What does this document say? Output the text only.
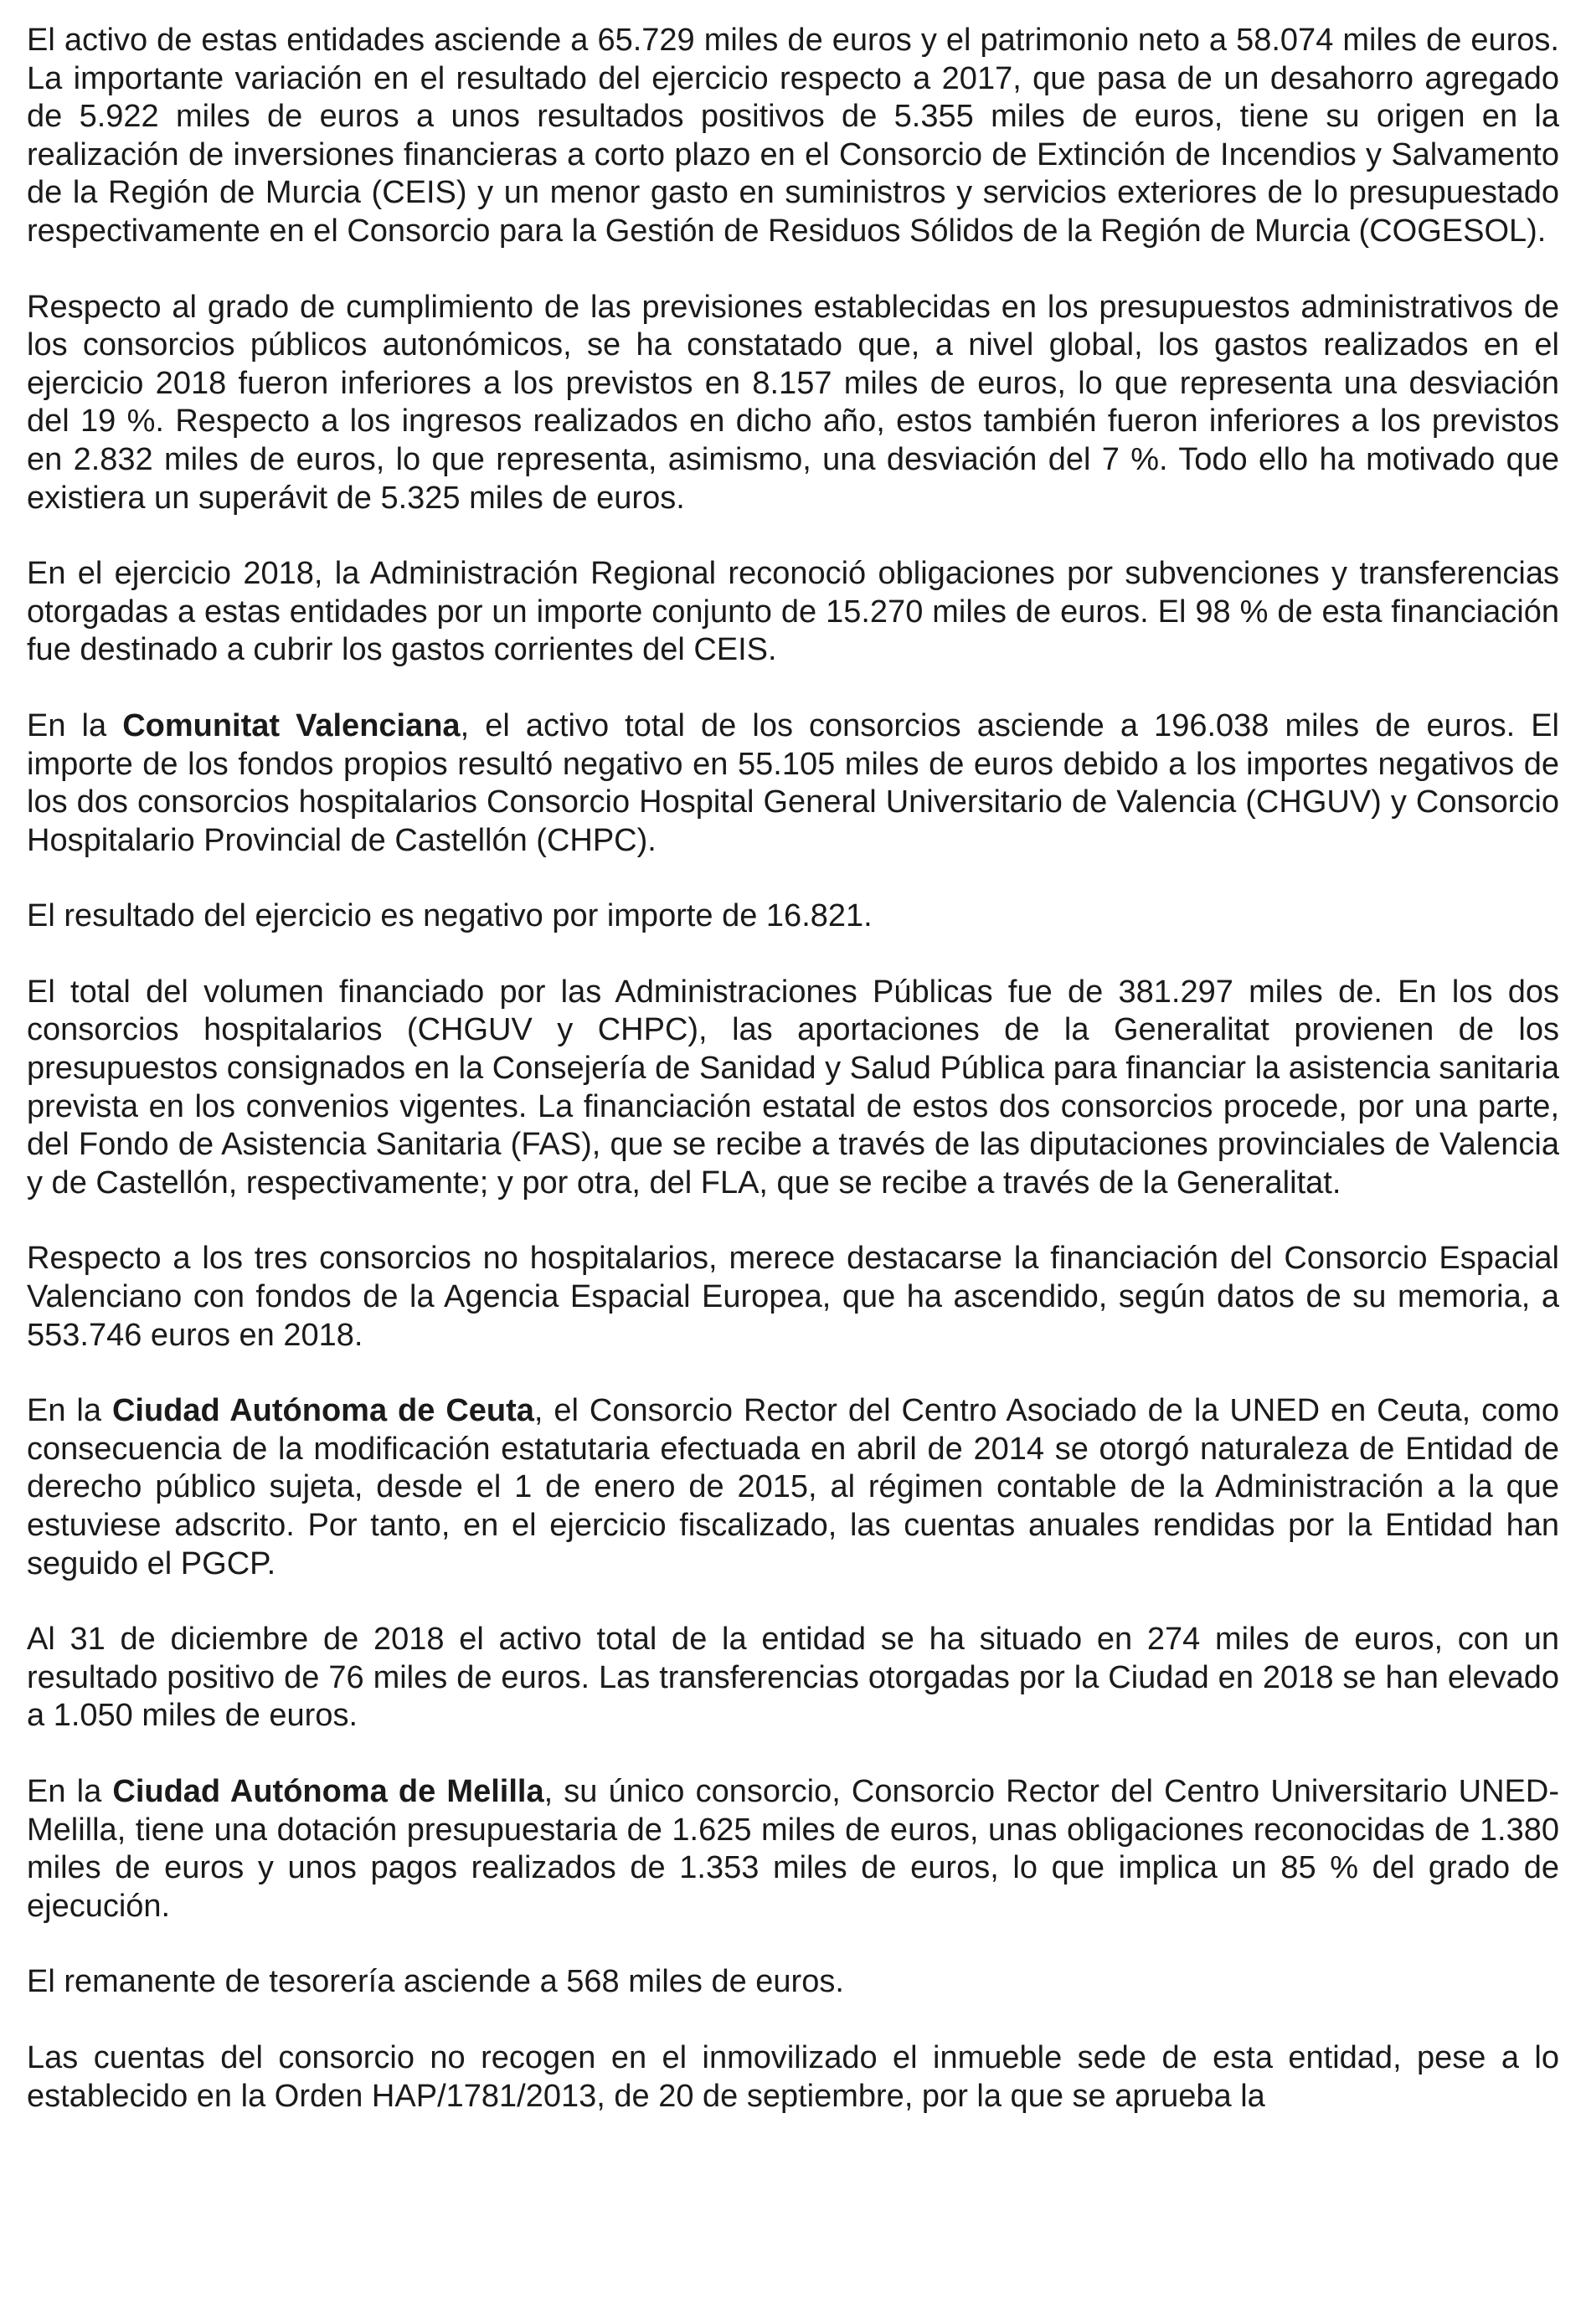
El activo de estas entidades asciende a 65.729 miles de euros y el patrimonio neto a 58.074 miles de euros. La importante variación en el resultado del ejercicio respecto a 2017, que pasa de un desahorro agregado de 5.922 miles de euros a unos resultados positivos de 5.355 miles de euros, tiene su origen en la realización de inversiones financieras a corto plazo en el Consorcio de Extinción de Incendios y Salvamento de la Región de Murcia (CEIS) y un menor gasto en suministros y servicios exteriores de lo presupuestado respectivamente en el Consorcio para la Gestión de Residuos Sólidos de la Región de Murcia (COGESOL).

Respecto al grado de cumplimiento de las previsiones establecidas en los presupuestos administrativos de los consorcios públicos autonómicos, se ha constatado que, a nivel global, los gastos realizados en el ejercicio 2018 fueron inferiores a los previstos en 8.157 miles de euros, lo que representa una desviación del 19 %. Respecto a los ingresos realizados en dicho año, estos también fueron inferiores a los previstos en 2.832 miles de euros, lo que representa, asimismo, una desviación del 7 %. Todo ello ha motivado que existiera un superávit de 5.325 miles de euros.

En el ejercicio 2018, la Administración Regional reconoció obligaciones por subvenciones y transferencias otorgadas a estas entidades por un importe conjunto de 15.270 miles de euros. El 98 % de esta financiación fue destinado a cubrir los gastos corrientes del CEIS.

En la Comunitat Valenciana, el activo total de los consorcios asciende a 196.038 miles de euros. El importe de los fondos propios resultó negativo en 55.105 miles de euros debido a los importes negativos de los dos consorcios hospitalarios Consorcio Hospital General Universitario de Valencia (CHGUV) y Consorcio Hospitalario Provincial de Castellón (CHPC).

El resultado del ejercicio es negativo por importe de 16.821.

El total del volumen financiado por las Administraciones Públicas fue de 381.297 miles de. En los dos consorcios hospitalarios (CHGUV y CHPC), las aportaciones de la Generalitat provienen de los presupuestos consignados en la Consejería de Sanidad y Salud Pública para financiar la asistencia sanitaria prevista en los convenios vigentes. La financiación estatal de estos dos consorcios procede, por una parte, del Fondo de Asistencia Sanitaria (FAS), que se recibe a través de las diputaciones provinciales de Valencia y de Castellón, respectivamente; y por otra, del FLA, que se recibe a través de la Generalitat.

Respecto a los tres consorcios no hospitalarios, merece destacarse la financiación del Consorcio Espacial Valenciano con fondos de la Agencia Espacial Europea, que ha ascendido, según datos de su memoria, a 553.746 euros en 2018.

En la Ciudad Autónoma de Ceuta, el Consorcio Rector del Centro Asociado de la UNED en Ceuta, como consecuencia de la modificación estatutaria efectuada en abril de 2014 se otorgó naturaleza de Entidad de derecho público sujeta, desde el 1 de enero de 2015, al régimen contable de la Administración a la que estuviese adscrito. Por tanto, en el ejercicio fiscalizado, las cuentas anuales rendidas por la Entidad han seguido el PGCP.

Al 31 de diciembre de 2018 el activo total de la entidad se ha situado en 274 miles de euros, con un resultado positivo de 76 miles de euros. Las transferencias otorgadas por la Ciudad en 2018 se han elevado a 1.050 miles de euros.

En la Ciudad Autónoma de Melilla, su único consorcio, Consorcio Rector del Centro Universitario UNED-Melilla, tiene una dotación presupuestaria de 1.625 miles de euros, unas obligaciones reconocidas de 1.380 miles de euros y unos pagos realizados de 1.353 miles de euros, lo que implica un 85 % del grado de ejecución.

El remanente de tesorería asciende a 568 miles de euros.

Las cuentas del consorcio no recogen en el inmovilizado el inmueble sede de esta entidad, pese a lo establecido en la Orden HAP/1781/2013, de 20 de septiembre, por la que se aprueba la
